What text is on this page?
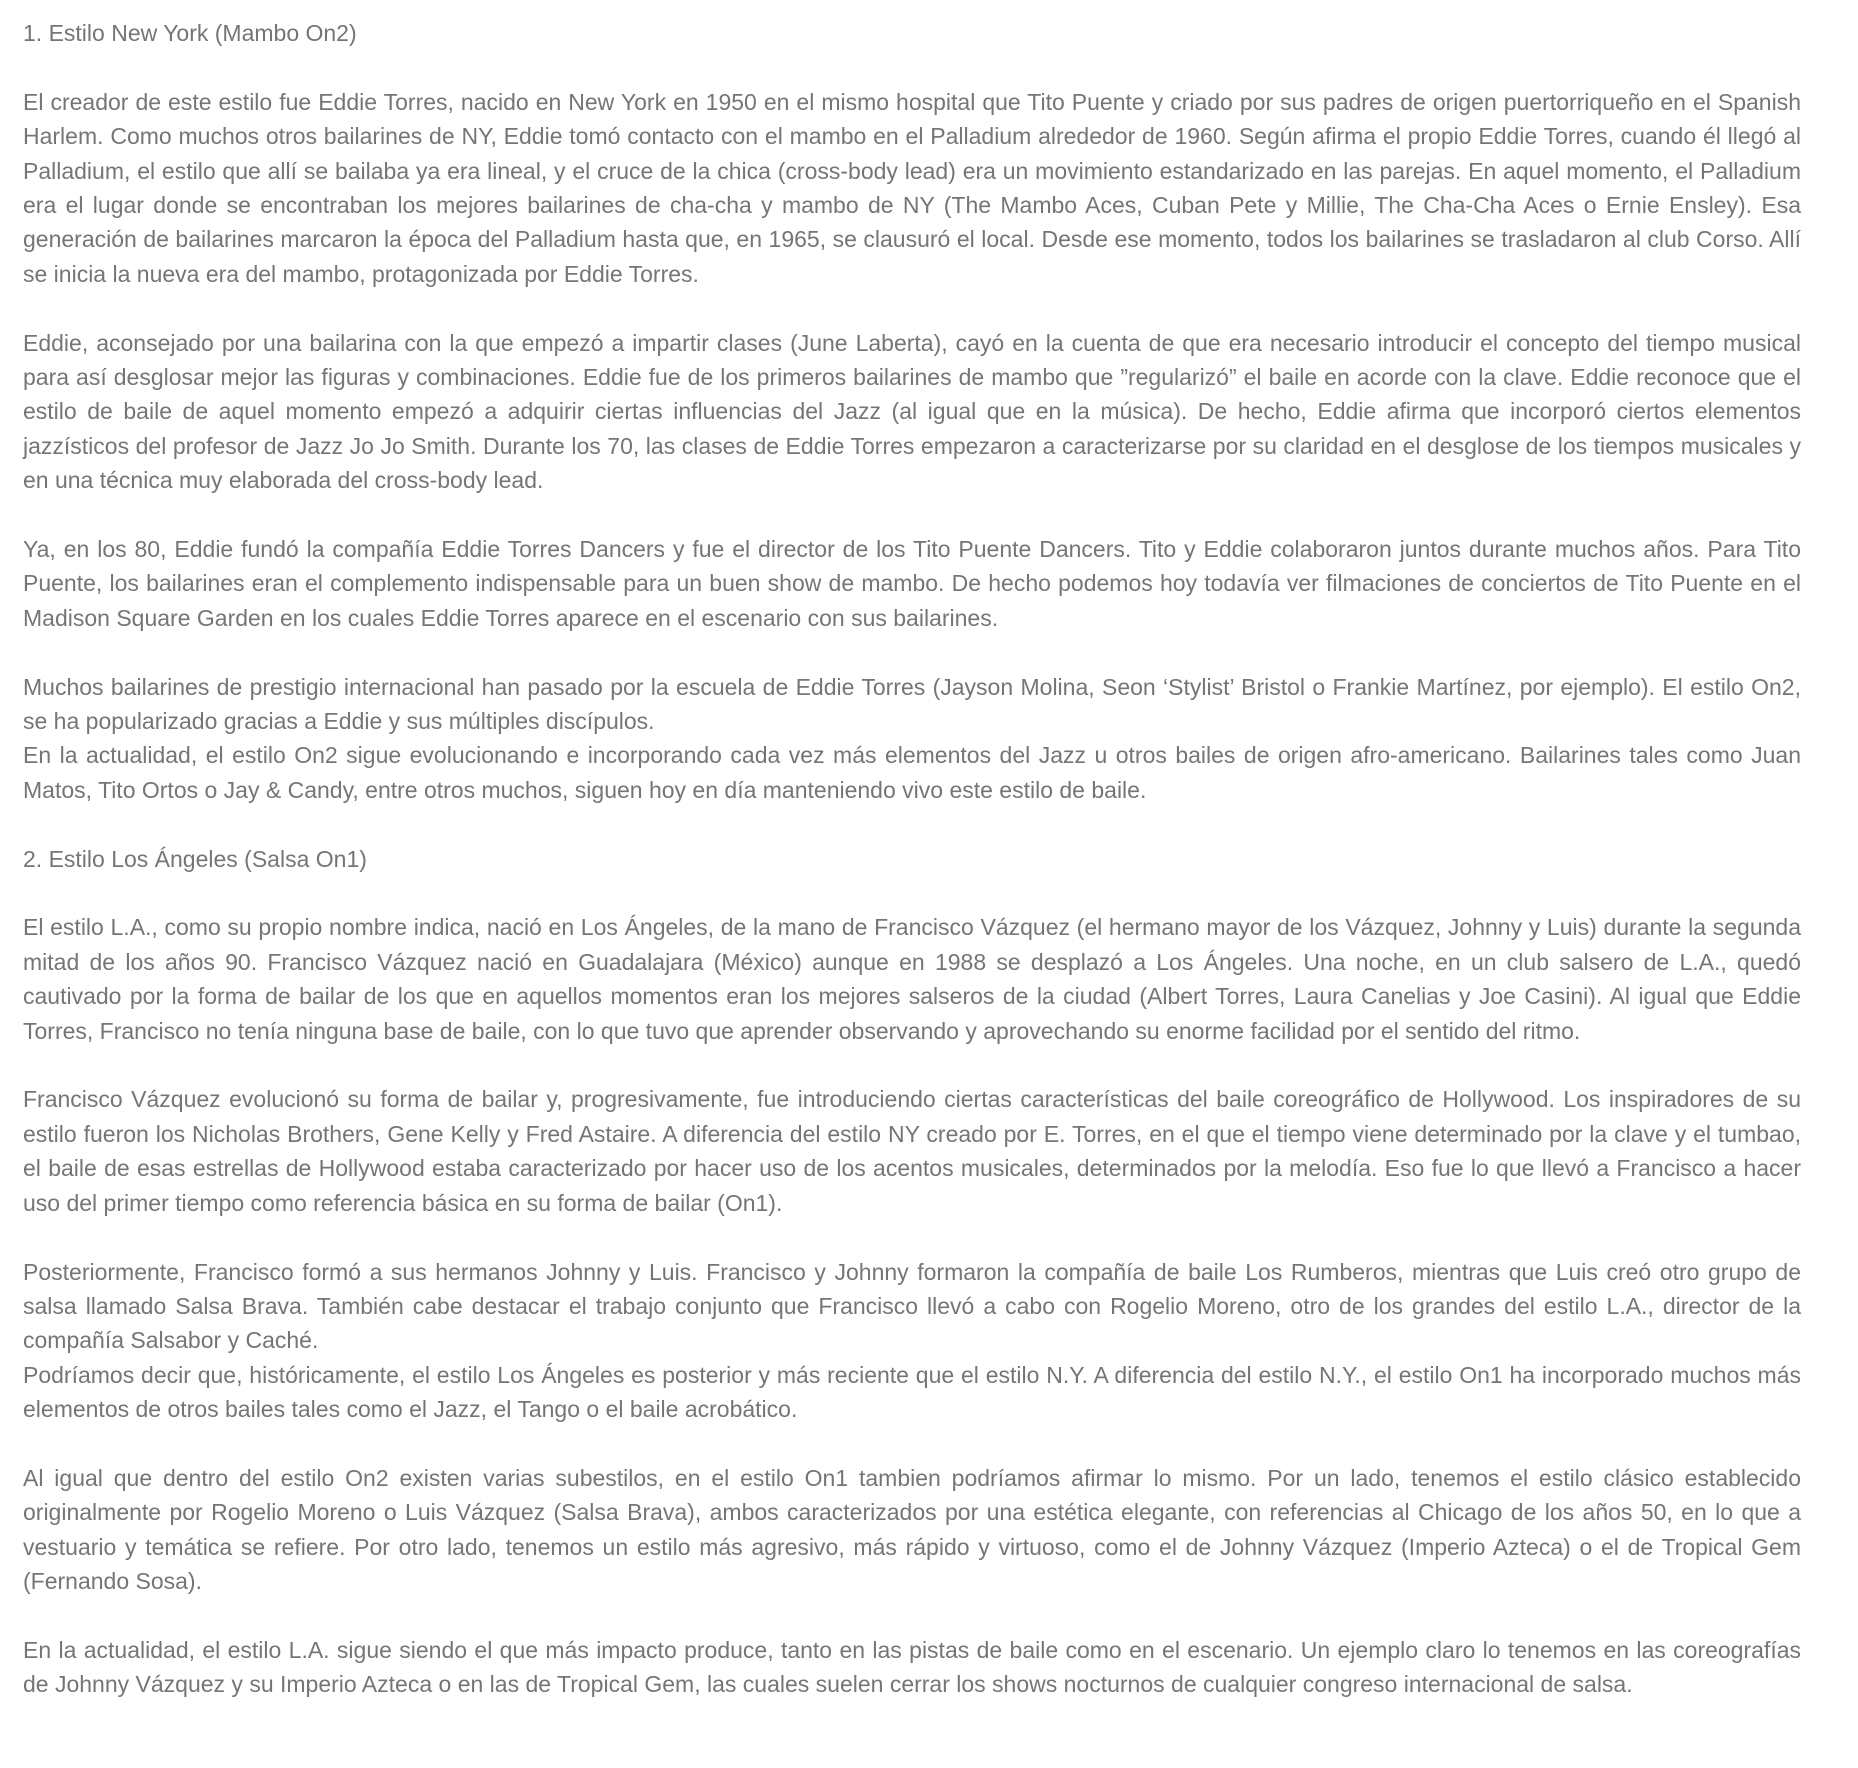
1. Estilo New York (Mambo On2)

El creador de este estilo fue Eddie Torres, nacido en New York en 1950 en el mismo hospital que Tito Puente y criado por sus padres de origen puertorriqueño en el Spanish Harlem. Como muchos otros bailarines de NY, Eddie tomó contacto con el mambo en el Palladium alrededor de 1960. Según afirma el propio Eddie Torres, cuando él llegó al Palladium, el estilo que allí se bailaba ya era lineal, y el cruce de la chica (cross-body lead) era un movimiento estandarizado en las parejas. En aquel momento, el Palladium era el lugar donde se encontraban los mejores bailarines de cha-cha y mambo de NY (The Mambo Aces, Cuban Pete y Millie, The Cha-Cha Aces o Ernie Ensley). Esa generación de bailarines marcaron la época del Palladium hasta que, en 1965, se clausuró el local. Desde ese momento, todos los bailarines se trasladaron al club Corso. Allí se inicia la nueva era del mambo, protagonizada por Eddie Torres.

Eddie, aconsejado por una bailarina con la que empezó a impartir clases (June Laberta), cayó en la cuenta de que era necesario introducir el concepto del tiempo musical para así desglosar mejor las figuras y combinaciones. Eddie fue de los primeros bailarines de mambo que ”regularizó” el baile en acorde con la clave. Eddie reconoce que el estilo de baile de aquel momento empezó a adquirir ciertas influencias del Jazz (al igual que en la música). De hecho, Eddie afirma que incorporó ciertos elementos jazzísticos del profesor de Jazz Jo Jo Smith. Durante los 70, las clases de Eddie Torres empezaron a caracterizarse por su claridad en el desglose de los tiempos musicales y en una técnica muy elaborada del cross-body lead.

Ya, en los 80, Eddie fundó la compañía Eddie Torres Dancers y fue el director de los Tito Puente Dancers. Tito y Eddie colaboraron juntos durante muchos años. Para Tito Puente, los bailarines eran el complemento indispensable para un buen show de mambo. De hecho podemos hoy todavía ver filmaciones de conciertos de Tito Puente en el Madison Square Garden en los cuales Eddie Torres aparece en el escenario con sus bailarines.

Muchos bailarines de prestigio internacional han pasado por la escuela de Eddie Torres (Jayson Molina, Seon ‘Stylist’ Bristol o Frankie Martínez, por ejemplo). El estilo On2, se ha popularizado gracias a Eddie y sus múltiples discípulos.

En la actualidad, el estilo On2 sigue evolucionando e incorporando cada vez más elementos del Jazz u otros bailes de origen afro-americano. Bailarines tales como Juan Matos, Tito Ortos o Jay & Candy, entre otros muchos, siguen hoy en día manteniendo vivo este estilo de baile.

2. Estilo Los Ángeles (Salsa On1)

El estilo L.A., como su propio nombre indica, nació en Los Ángeles, de la mano de Francisco Vázquez (el hermano mayor de los Vázquez, Johnny y Luis) durante la segunda mitad de los años 90. Francisco Vázquez nació en Guadalajara (México) aunque en 1988 se desplazó a Los Ángeles. Una noche, en un club salsero de L.A., quedó cautivado por la forma de bailar de los que en aquellos momentos eran los mejores salseros de la ciudad (Albert Torres, Laura Canelias y Joe Casini). Al igual que Eddie Torres, Francisco no tenía ninguna base de baile, con lo que tuvo que aprender observando y aprovechando su enorme facilidad por el sentido del ritmo.

Francisco Vázquez evolucionó su forma de bailar y, progresivamente, fue introduciendo ciertas características del baile coreográfico de Hollywood. Los inspiradores de su estilo fueron los Nicholas Brothers, Gene Kelly y Fred Astaire. A diferencia del estilo NY creado por E. Torres, en el que el tiempo viene determinado por la clave y el tumbao, el baile de esas estrellas de Hollywood estaba caracterizado por hacer uso de los acentos musicales, determinados por la melodía. Eso fue lo que llevó a Francisco a hacer uso del primer tiempo como referencia básica en su forma de bailar (On1).

Posteriormente, Francisco formó a sus hermanos Johnny y Luis. Francisco y Johnny formaron la compañía de baile Los Rumberos, mientras que Luis creó otro grupo de salsa llamado Salsa Brava. También cabe destacar el trabajo conjunto que Francisco llevó a cabo con Rogelio Moreno, otro de los grandes del estilo L.A., director de la compañía Salsabor y Caché.

Podríamos decir que, históricamente, el estilo Los Ángeles es posterior y más reciente que el estilo N.Y. A diferencia del estilo N.Y., el estilo On1 ha incorporado muchos más elementos de otros bailes tales como el Jazz, el Tango o el baile acrobático.

Al igual que dentro del estilo On2 existen varias subestilos, en el estilo On1 tambien podríamos afirmar lo mismo. Por un lado, tenemos el estilo clásico establecido originalmente por Rogelio Moreno o Luis Vázquez (Salsa Brava), ambos caracterizados por una estética elegante, con referencias al Chicago de los años 50, en lo que a vestuario y temática se refiere. Por otro lado, tenemos un estilo más agresivo, más rápido y virtuoso, como el de Johnny Vázquez (Imperio Azteca) o el de Tropical Gem (Fernando Sosa).

En la actualidad, el estilo L.A. sigue siendo el que más impacto produce, tanto en las pistas de baile como en el escenario. Un ejemplo claro lo tenemos en las coreografías de Johnny Vázquez y su Imperio Azteca o en las de Tropical Gem, las cuales suelen cerrar los shows nocturnos de cualquier congreso internacional de salsa.
